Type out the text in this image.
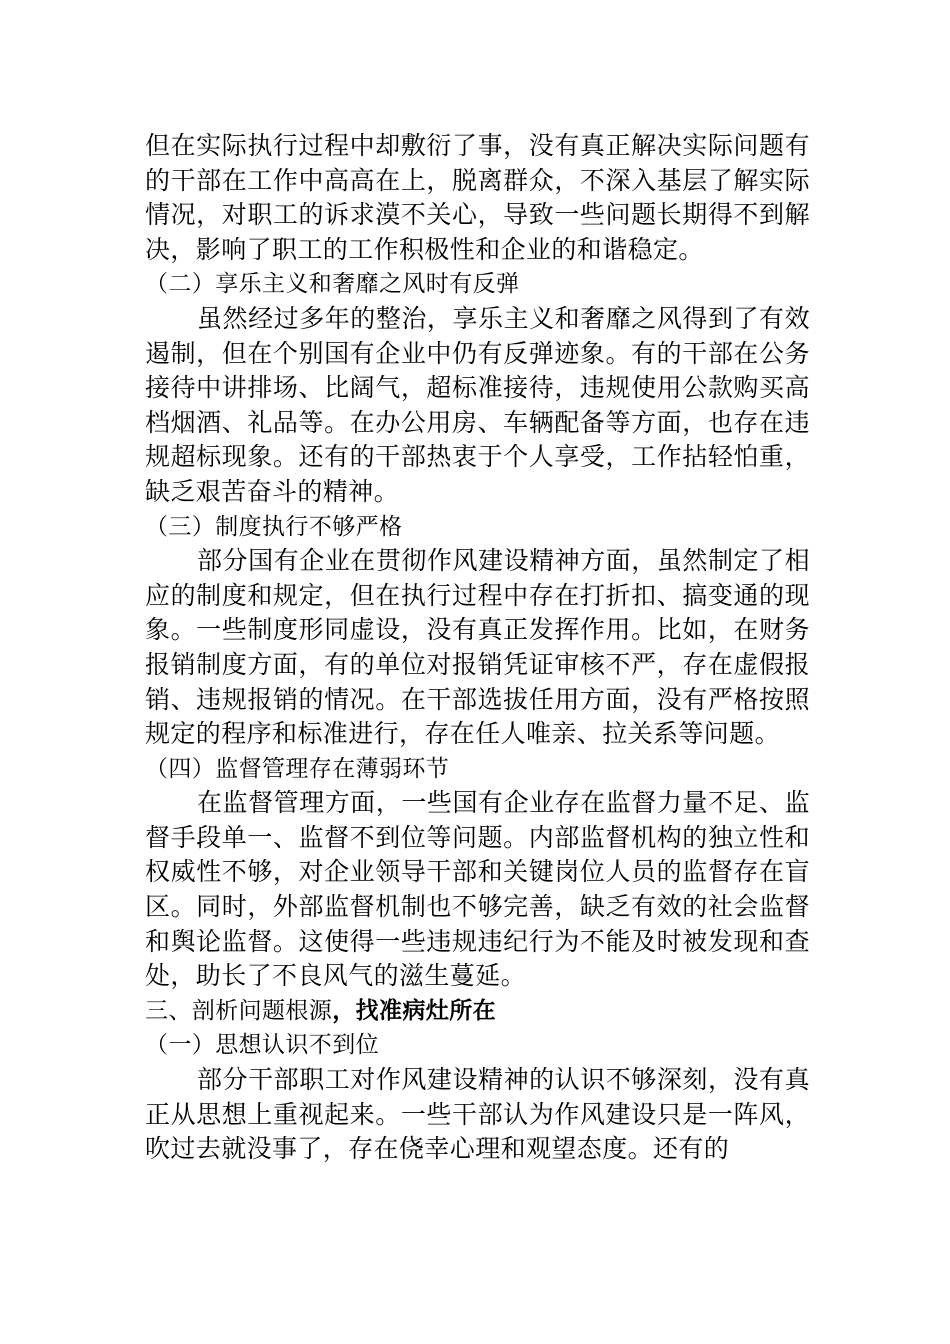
但在实际执行过程中却敷衍了事，没有真正解决实际问题有的干部在工作中高高在上，脱离群众，不深入基层了解实际情况，对职工的诉求漠不关心，导致一些问题长期得不到解决，影响了职工的工作积极性和企业的和谐稳定。

（二）享乐主义和奢靡之风时有反弹

虽然经过多年的整治，享乐主义和奢靡之风得到了有效遏制，但在个别国有企业中仍有反弹迹象。有的干部在公务接待中讲排场、比阔气，超标准接待，违规使用公款购买高档烟酒、礼品等。在办公用房、车辆配备等方面，也存在违规超标现象。还有的干部热衷于个人享受，工作拈轻怕重，缺乏艰苦奋斗的精神。

（三）制度执行不够严格

部分国有企业在贯彻作风建设精神方面，虽然制定了相应的制度和规定，但在执行过程中存在打折扣、搞变通的现象。一些制度形同虚设，没有真正发挥作用。比如，在财务报销制度方面，有的单位对报销凭证审核不严，存在虚假报销、违规报销的情况。在干部选拔任用方面，没有严格按照规定的程序和标准进行，存在任人唯亲、拉关系等问题。

（四）监督管理存在薄弱环节

在监督管理方面，一些国有企业存在监督力量不足、监督手段单一、监督不到位等问题。内部监督机构的独立性和权威性不够，对企业领导干部和关键岗位人员的监督存在盲区。同时，外部监督机制也不够完善，缺乏有效的社会监督和舆论监督。这使得一些违规违纪行为不能及时被发现和查处，助长了不良风气的滋生蔓延。

三、剖析问题根源，找准病灶所在

（一）思想认识不到位

部分干部职工对作风建设精神的认识不够深刻，没有真正从思想上重视起来。一些干部认为作风建设只是一阵风，吹过去就没事了，存在侥幸心理和观望态度。还有的
